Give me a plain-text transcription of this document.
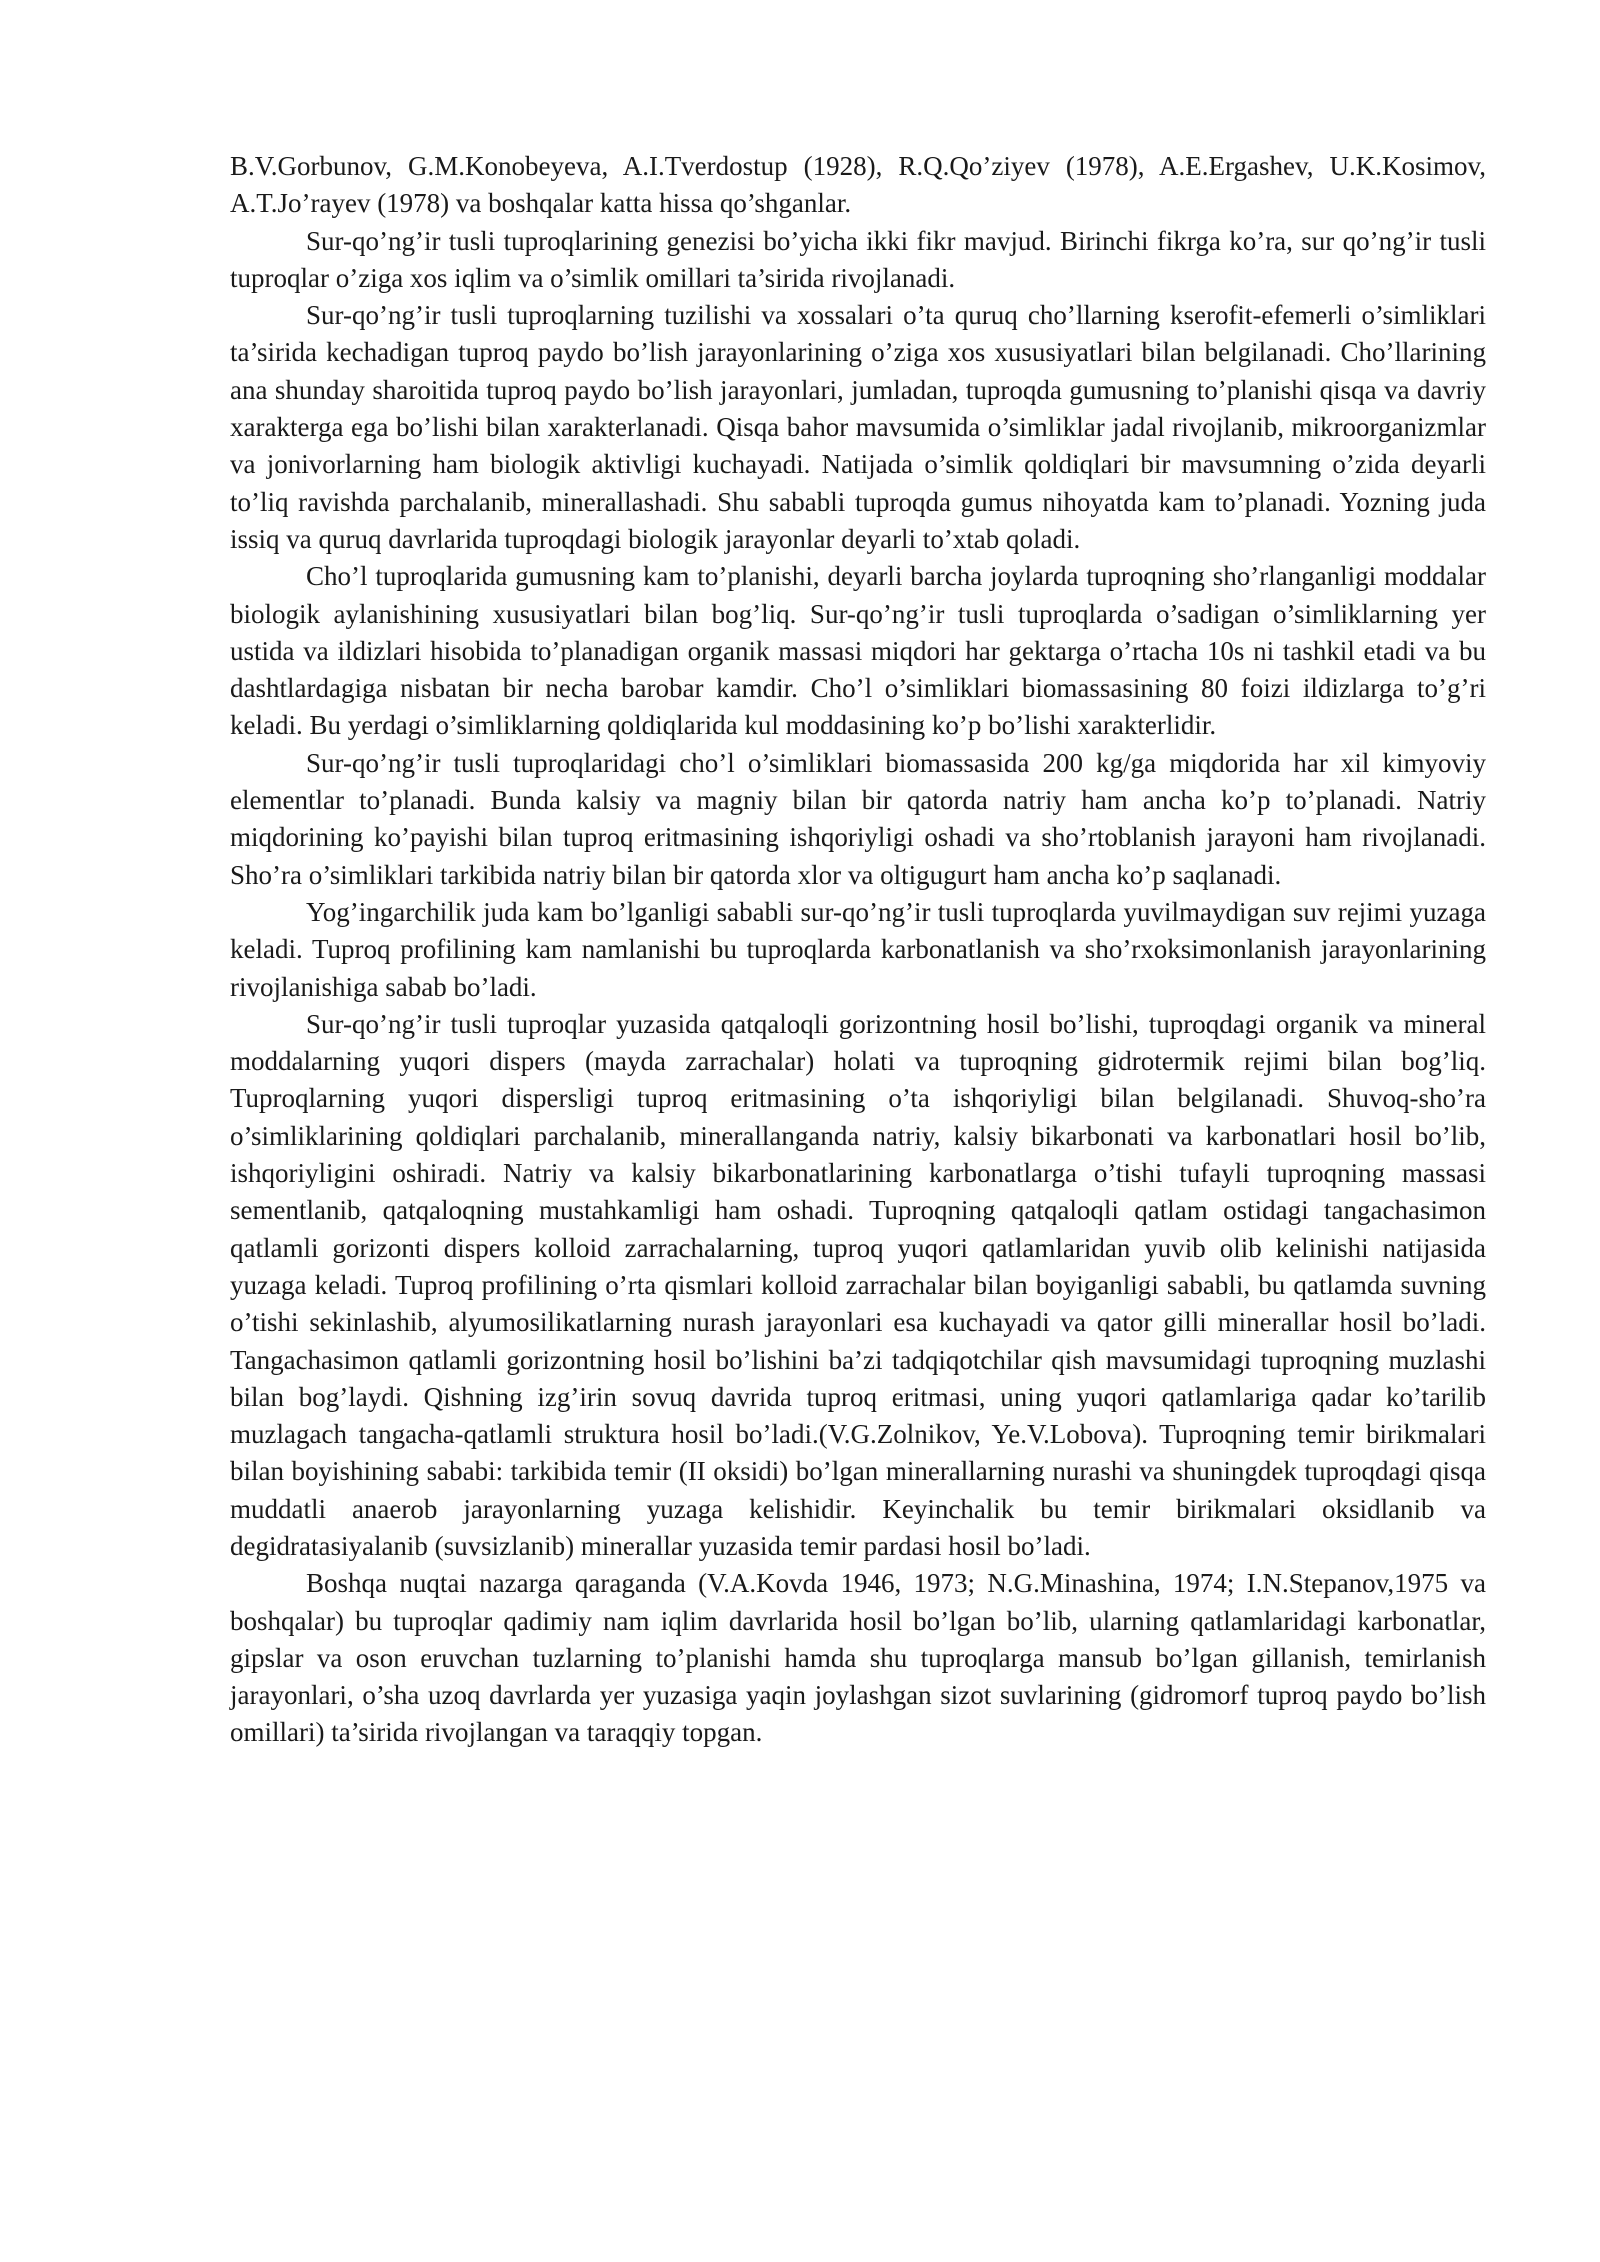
B.V.Gorbunov, G.M.Konobeyeva, A.I.Tverdostup (1928), R.Q.Qo’ziyev (1978), A.E.Ergashev, U.K.Kosimov, A.T.Jo’rayev (1978) va boshqalar katta hissa qo’shganlar.

Sur-qo’ng’ir tusli tuproqlarining genezisi bo’yicha ikki fikr mavjud. Birinchi fikrga ko’ra, sur qo’ng’ir tusli tuproqlar o’ziga xos iqlim va o’simlik omillari ta’sirida rivojlanadi.

Sur-qo’ng’ir tusli tuproqlarning tuzilishi va xossalari o’ta quruq cho’llarning kserofit-efemerli o’simliklari ta’sirida kechadigan tuproq paydo bo’lish jarayonlarining o’ziga xos xususiyatlari bilan belgilanadi. Cho’llarining ana shunday sharoitida tuproq paydo bo’lish jarayonlari, jumladan, tuproqda gumusning to’planishi qisqa va davriy xarakterga ega bo’lishi bilan xarakterlanadi. Qisqa bahor mavsumida o’simliklar jadal rivojlanib, mikroorganizmlar va jonivorlarning ham biologik aktivligi kuchayadi. Natijada o’simlik qoldiqlari bir mavsumning o’zida deyarli to’liq ravishda parchalanib, minerallashadi. Shu sababli tuproqda gumus nihoyatda kam to’planadi. Yozning juda issiq va quruq davrlarida tuproqdagi biologik jarayonlar deyarli to’xtab qoladi.

Cho’l tuproqlarida gumusning kam to’planishi, deyarli barcha joylarda tuproqning sho’rlanganligi moddalar biologik aylanishining xususiyatlari bilan bog’liq. Sur-qo’ng’ir tusli tuproqlarda o’sadigan o’simliklarning yer ustida va ildizlari hisobida to’planadigan organik massasi miqdori har gektarga o’rtacha 10s ni tashkil etadi va bu dashtlardagiga nisbatan bir necha barobar kamdir. Cho’l o’simliklari biomassasining 80 foizi ildizlarga to’g’ri keladi. Bu yerdagi o’simliklarning qoldiqlarida kul moddasining ko’p bo’lishi xarakterlidir.

Sur-qo’ng’ir tusli tuproqlaridagi cho’l o’simliklari biomassasida 200 kg/ga miqdorida har xil kimyoviy elementlar to’planadi. Bunda kalsiy va magniy bilan bir qatorda natriy ham ancha ko’p to’planadi. Natriy miqdorining ko’payishi bilan tuproq eritmasining ishqoriyligi oshadi va sho’rtoblanish jarayoni ham rivojlanadi. Sho’ra o’simliklari tarkibida natriy bilan bir qatorda xlor va oltigugurt ham ancha ko’p saqlanadi.

Yog’ingarchilik juda kam bo’lganligi sababli sur-qo’ng’ir tusli tuproqlarda yuvilmaydigan suv rejimi yuzaga keladi. Tuproq profilining kam namlanishi bu tuproqlarda karbonatlanish va sho’rxoksimonlanish jarayonlarining rivojlanishiga sabab bo’ladi.

Sur-qo’ng’ir tusli tuproqlar yuzasida qatqaloqli gorizontning hosil bo’lishi, tuproqdagi organik va mineral moddalarning yuqori dispers (mayda zarrachalar) holati va tuproqning gidrotermik rejimi bilan bog’liq. Tuproqlarning yuqori dispersligi tuproq eritmasining o’ta ishqoriyligi bilan belgilanadi. Shuvoq-sho’ra o’simliklarining qoldiqlari parchalanib, minerallanganda natriy, kalsiy bikarbonati va karbonatlari hosil bo’lib, ishqoriyligini oshiradi. Natriy va kalsiy bikarbonatlarining karbonatlarga o’tishi tufayli tuproqning massasi sementlanib, qatqaloqning mustahkamligi ham oshadi. Tuproqning qatqaloqli qatlam ostidagi tangachasimon qatlamli gorizonti dispers kolloid zarrachalarning, tuproq yuqori qatlamlaridan yuvib olib kelinishi natijasida yuzaga keladi. Tuproq profilining o’rta qismlari kolloid zarrachalar bilan boyiganligi sababli, bu qatlamda suvning o’tishi sekinlashib, alyumosilikatlarning nurash jarayonlari esa kuchayadi va qator gilli minerallar hosil bo’ladi. Tangachasimon qatlamli gorizontning hosil bo’lishini ba’zi tadqiqotchilar qish mavsumidagi tuproqning muzlashi bilan bog’laydi. Qishning izg’irin sovuq davrida tuproq eritmasi, uning yuqori qatlamlariga qadar ko’tarilib muzlagach tangacha-qatlamli struktura hosil bo’ladi.(V.G.Zolnikov, Ye.V.Lobova). Tuproqning temir birikmalari bilan boyishining sababi: tarkibida temir (II oksidi) bo’lgan minerallarning nurashi va shuningdek tuproqdagi qisqa muddatli anaerob jarayonlarning yuzaga kelishidir. Keyinchalik bu temir birikmalari oksidlanib va degidratasiyalanib (suvsizlanib) minerallar yuzasida temir pardasi hosil bo’ladi.

Boshqa nuqtai nazarga qaraganda (V.A.Kovda 1946, 1973; N.G.Minashina, 1974; I.N.Stepanov,1975 va boshqalar) bu tuproqlar qadimiy nam iqlim davrlarida hosil bo’lgan bo’lib, ularning qatlamlaridagi karbonatlar, gipslar va oson eruvchan tuzlarning to’planishi hamda shu tuproqlarga mansub bo’lgan gillanish, temirlanish jarayonlari, o’sha uzoq davrlarda yer yuzasiga yaqin joylashgan sizot suvlarining (gidromorf tuproq paydo bo’lish omillari) ta’sirida rivojlangan va taraqqiy topgan.
